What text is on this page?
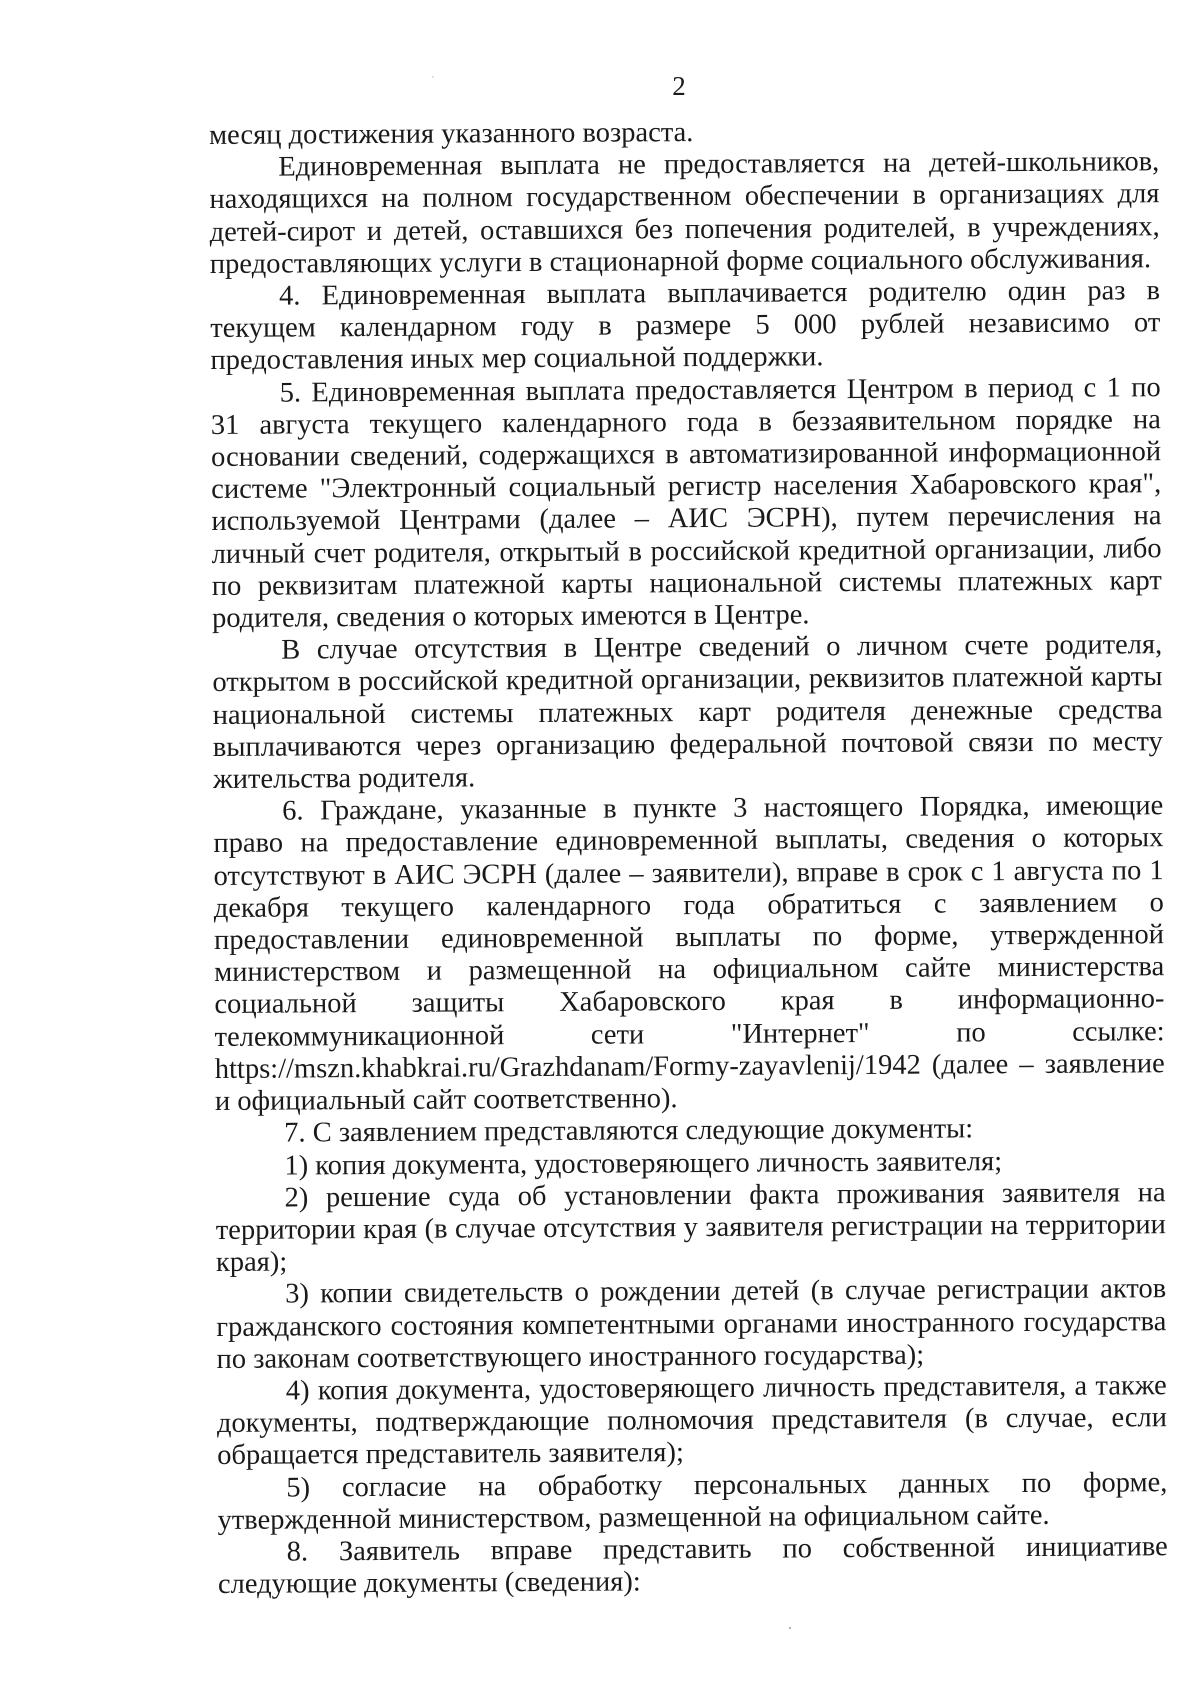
2

месяц достижения указанного возраста.

Единовременная выплата не предоставляется на детей-школьников, находящихся на полном государственном обеспечении в организациях для детей-сирот и детей, оставшихся без попечения родителей, в учреждениях, предоставляющих услуги в стационарной форме социального обслуживания.

4. Единовременная выплата выплачивается родителю один раз в текущем календарном году в размере 5 000 рублей независимо от предоставления иных мер социальной поддержки.

5. Единовременная выплата предоставляется Центром в период с 1 по 31 августа текущего календарного года в беззаявительном порядке на основании сведений, содержащихся в автоматизированной информационной системе "Электронный социальный регистр населения Хабаровского края", используемой Центрами (далее – АИС ЭСРН), путем перечисления на личный счет родителя, открытый в российской кредитной организации, либо по реквизитам платежной карты национальной системы платежных карт родителя, сведения о которых имеются в Центре.

В случае отсутствия в Центре сведений о личном счете родителя, открытом в российской кредитной организации, реквизитов платежной карты национальной системы платежных карт родителя денежные средства выплачиваются через организацию федеральной почтовой связи по месту жительства родителя.

6. Граждане, указанные в пункте 3 настоящего Порядка, имеющие право на предоставление единовременной выплаты, сведения о которых отсутствуют в АИС ЭСРН (далее – заявители), вправе в срок с 1 августа по 1 декабря текущего календарного года обратиться с заявлением о предоставлении единовременной выплаты по форме, утвержденной министерством и размещенной на официальном сайте министерства социальной защиты Хабаровского края в информационно-телекоммуникационной сети "Интернет" по ссылке: https://mszn.khabkrai.ru/Grazhdanam/Formy-zayavlenij/1942 (далее – заявление и официальный сайт соответственно).

7. С заявлением представляются следующие документы:

1) копия документа, удостоверяющего личность заявителя;

2) решение суда об установлении факта проживания заявителя на территории края (в случае отсутствия у заявителя регистрации на территории края);

3) копии свидетельств о рождении детей (в случае регистрации актов гражданского состояния компетентными органами иностранного государства по законам соответствующего иностранного государства);

4) копия документа, удостоверяющего личность представителя, а также документы, подтверждающие полномочия представителя (в случае, если обращается представитель заявителя);

5) согласие на обработку персональных данных по форме, утвержденной министерством, размещенной на официальном сайте.

8. Заявитель вправе представить по собственной инициативе следующие документы (сведения):
